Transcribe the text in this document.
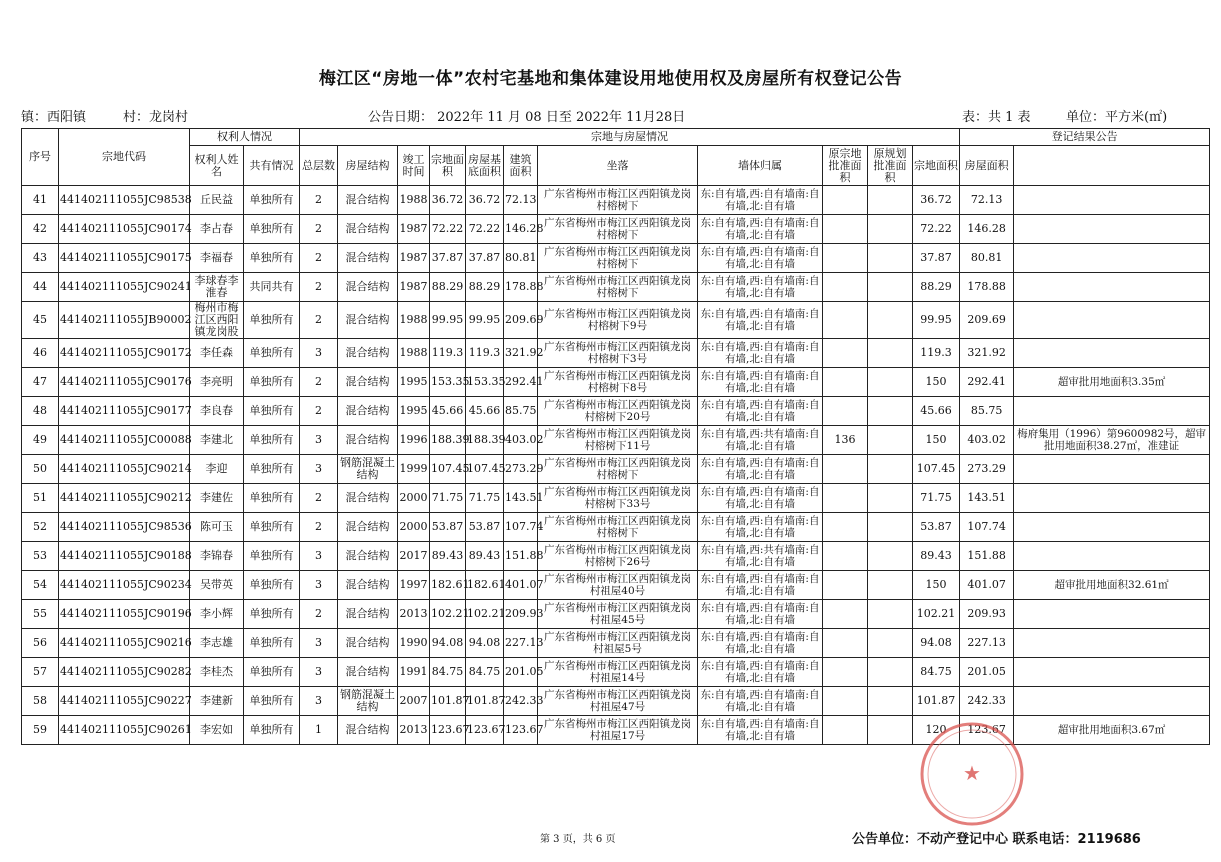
梅江区“房地一体”农村宅基地和集体建设用地使用权及房屋所有权登记公告
镇：西阳镇	村：龙岗村	公告日期： 2022年 11 月 08 日至 2022年 11月28日	表：共 1 表	单位：平方米(㎡)
序号	宗地代码	权利人情况		宗地与房屋情况											登记结果公告	
		权利人姓名	共有情况	总层数	房屋结构	竣工时间	宗地面积	房屋基底面积	建筑面积	坐落	墙体归属	原宗地批准面积	原规划批准面积	宗地面积	房屋面积		
41	441402111055JC98538	丘民益	单独所有	2	混合结构	1988	36.72	36.72	72.13	广东省梅州市梅江区西阳镇龙岗村榕树下	东:自有墙,西:自有墙南:自有墙,北:自有墙			36.72	72.13		
42	441402111055JC90174	李占春	单独所有	2	混合结构	1987	72.22	72.22	146.28	广东省梅州市梅江区西阳镇龙岗村榕树下	东:自有墙,西:自有墙南:自有墙,北:自有墙			72.22	146.28		
43	441402111055JC90175	李福春	单独所有	2	混合结构	1987	37.87	37.87	80.81	广东省梅州市梅江区西阳镇龙岗村榕树下	东:自有墙,西:自有墙南:自有墙,北:自有墙			37.87	80.81		
44	441402111055JC90241	李球春李淮春	共同共有	2	混合结构	1987	88.29	88.29	178.88	广东省梅州市梅江区西阳镇龙岗村榕树下	东:自有墙,西:自有墙南:自有墙,北:自有墙			88.29	178.88		
45	441402111055JB90002	梅州市梅江区西阳镇龙岗股	单独所有	2	混合结构	1988	99.95	99.95	209.69	广东省梅州市梅江区西阳镇龙岗村榕树下9号	东:自有墙,西:自有墙南:自有墙,北:自有墙			99.95	209.69		
46	441402111055JC90172	李任森	单独所有	3	混合结构	1988	119.3	119.3	321.92	广东省梅州市梅江区西阳镇龙岗村榕树下3号	东:自有墙,西:自有墙南:自有墙,北:自有墙			119.3	321.92		
47	441402111055JC90176	李亮明	单独所有	2	混合结构	1995	153.35	153.35	292.41	广东省梅州市梅江区西阳镇龙岗村榕树下8号	东:自有墙,西:自有墙南:自有墙,北:自有墙			150	292.41	超审批用地面积3.35㎡	
48	441402111055JC90177	李良春	单独所有	2	混合结构	1995	45.66	45.66	85.75	广东省梅州市梅江区西阳镇龙岗村榕树下20号	东:自有墙,西:自有墙南:自有墙,北:自有墙			45.66	85.75		
49	441402111055JC00088	李建北	单独所有	3	混合结构	1996	188.39	188.39	403.02	广东省梅州市梅江区西阳镇龙岗村榕树下11号	东:自有墙,西:共有墙南:自有墙,北:自有墙	136		150	403.02	梅府集用（1996）第9600982号，超审批用地面积38.27㎡，准建证	
50	441402111055JC90214	李迎	单独所有	3	钢筋混凝土结构	1999	107.45	107.45	273.29	广东省梅州市梅江区西阳镇龙岗村榕树下	东:自有墙,西:自有墙南:自有墙,北:自有墙			107.45	273.29		
51	441402111055JC90212	李建佐	单独所有	2	混合结构	2000	71.75	71.75	143.51	广东省梅州市梅江区西阳镇龙岗村榕树下33号	东:自有墙,西:自有墙南:自有墙,北:自有墙			71.75	143.51		
52	441402111055JC98536	陈可玉	单独所有	2	混合结构	2000	53.87	53.87	107.74	广东省梅州市梅江区西阳镇龙岗村榕树下	东:自有墙,西:自有墙南:自有墙,北:自有墙			53.87	107.74		
53	441402111055JC90188	李锦春	单独所有	3	混合结构	2017	89.43	89.43	151.88	广东省梅州市梅江区西阳镇龙岗村榕树下26号	东:自有墙,西:共有墙南:自有墙,北:自有墙			89.43	151.88		
54	441402111055JC90234	吴带英	单独所有	3	混合结构	1997	182.61	182.61	401.07	广东省梅州市梅江区西阳镇龙岗村祖屋40号	东:自有墙,西:自有墙南:自有墙,北:自有墙			150	401.07	超审批用地面积32.61㎡	
55	441402111055JC90196	李小辉	单独所有	2	混合结构	2013	102.21	102.21	209.93	广东省梅州市梅江区西阳镇龙岗村祖屋45号	东:自有墙,西:自有墙南:自有墙,北:自有墙			102.21	209.93		
56	441402111055JC90216	李志雄	单独所有	3	混合结构	1990	94.08	94.08	227.13	广东省梅州市梅江区西阳镇龙岗村祖屋5号	东:自有墙,西:自有墙南:自有墙,北:自有墙			94.08	227.13		
57	441402111055JC90282	李桂杰	单独所有	3	混合结构	1991	84.75	84.75	201.05	广东省梅州市梅江区西阳镇龙岗村祖屋14号	东:自有墙,西:自有墙南:自有墙,北:自有墙			84.75	201.05		
58	441402111055JC90227	李建新	单独所有	3	钢筋混凝土结构	2007	101.87	101.87	242.33	广东省梅州市梅江区西阳镇龙岗村祖屋47号	东:自有墙,西:自有墙南:自有墙,北:自有墙			101.87	242.33		
59	441402111055JC90261	李宏如	单独所有	1	混合结构	2013	123.67	123.67	123.67	广东省梅州市梅江区西阳镇龙岗村祖屋17号	东:自有墙,西:自有墙南:自有墙,北:自有墙			120	123.67	超审批用地面积3.67㎡	
★
第 3 页，共 6 页	公告单位：不动产登记中心 联系电话：2119686
